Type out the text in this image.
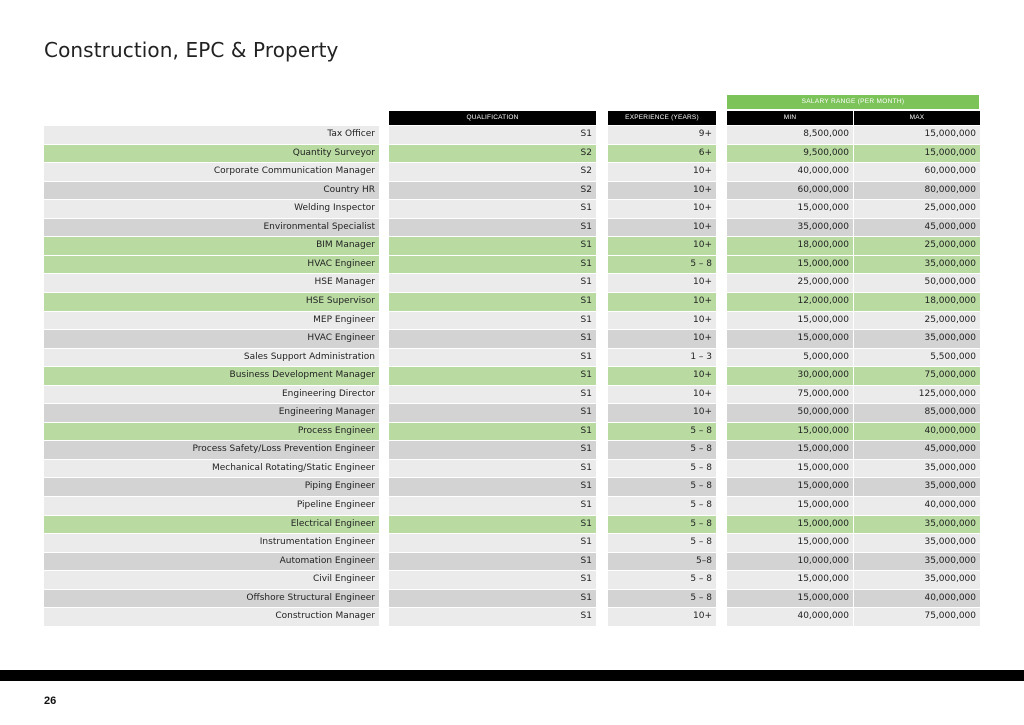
Construction, EPC & Property
SALARY RANGE (PER MONTH)
QUALIFICATION	EXPERIENCE (YEARS)	MIN	MAX
Tax Officer	S1	9+	8,500,000	15,000,000
Quantity Surveyor	S2	6+	9,500,000	15,000,000
Corporate Communication Manager	S2	10+	40,000,000	60,000,000
Country HR	S2	10+	60,000,000	80,000,000
Welding Inspector	S1	10+	15,000,000	25,000,000
Environmental Specialist	S1	10+	35,000,000	45,000,000
BIM Manager	S1	10+	18,000,000	25,000,000
HVAC Engineer	S1	5 – 8	15,000,000	35,000,000
HSE Manager	S1	10+	25,000,000	50,000,000
HSE Supervisor	S1	10+	12,000,000	18,000,000
MEP Engineer	S1	10+	15,000,000	25,000,000
HVAC Engineer	S1	10+	15,000,000	35,000,000
Sales Support Administration	S1	1 – 3	5,000,000	5,500,000
Business Development Manager	S1	10+	30,000,000	75,000,000
Engineering Director	S1	10+	75,000,000	125,000,000
Engineering Manager	S1	10+	50,000,000	85,000,000
Process Engineer	S1	5 – 8	15,000,000	40,000,000
Process Safety/Loss Prevention Engineer	S1	5 – 8	15,000,000	45,000,000
Mechanical Rotating/Static Engineer	S1	5 – 8	15,000,000	35,000,000
Piping Engineer	S1	5 – 8	15,000,000	35,000,000
Pipeline Engineer	S1	5 – 8	15,000,000	40,000,000
Electrical Engineer	S1	5 – 8	15,000,000	35,000,000
Instrumentation Engineer	S1	5 – 8	15,000,000	35,000,000
Automation Engineer	S1	5–8	10,000,000	35,000,000
Civil Engineer	S1	5 – 8	15,000,000	35,000,000
Offshore Structural Engineer	S1	5 – 8	15,000,000	40,000,000
Construction Manager	S1	10+	40,000,000	75,000,000
26
